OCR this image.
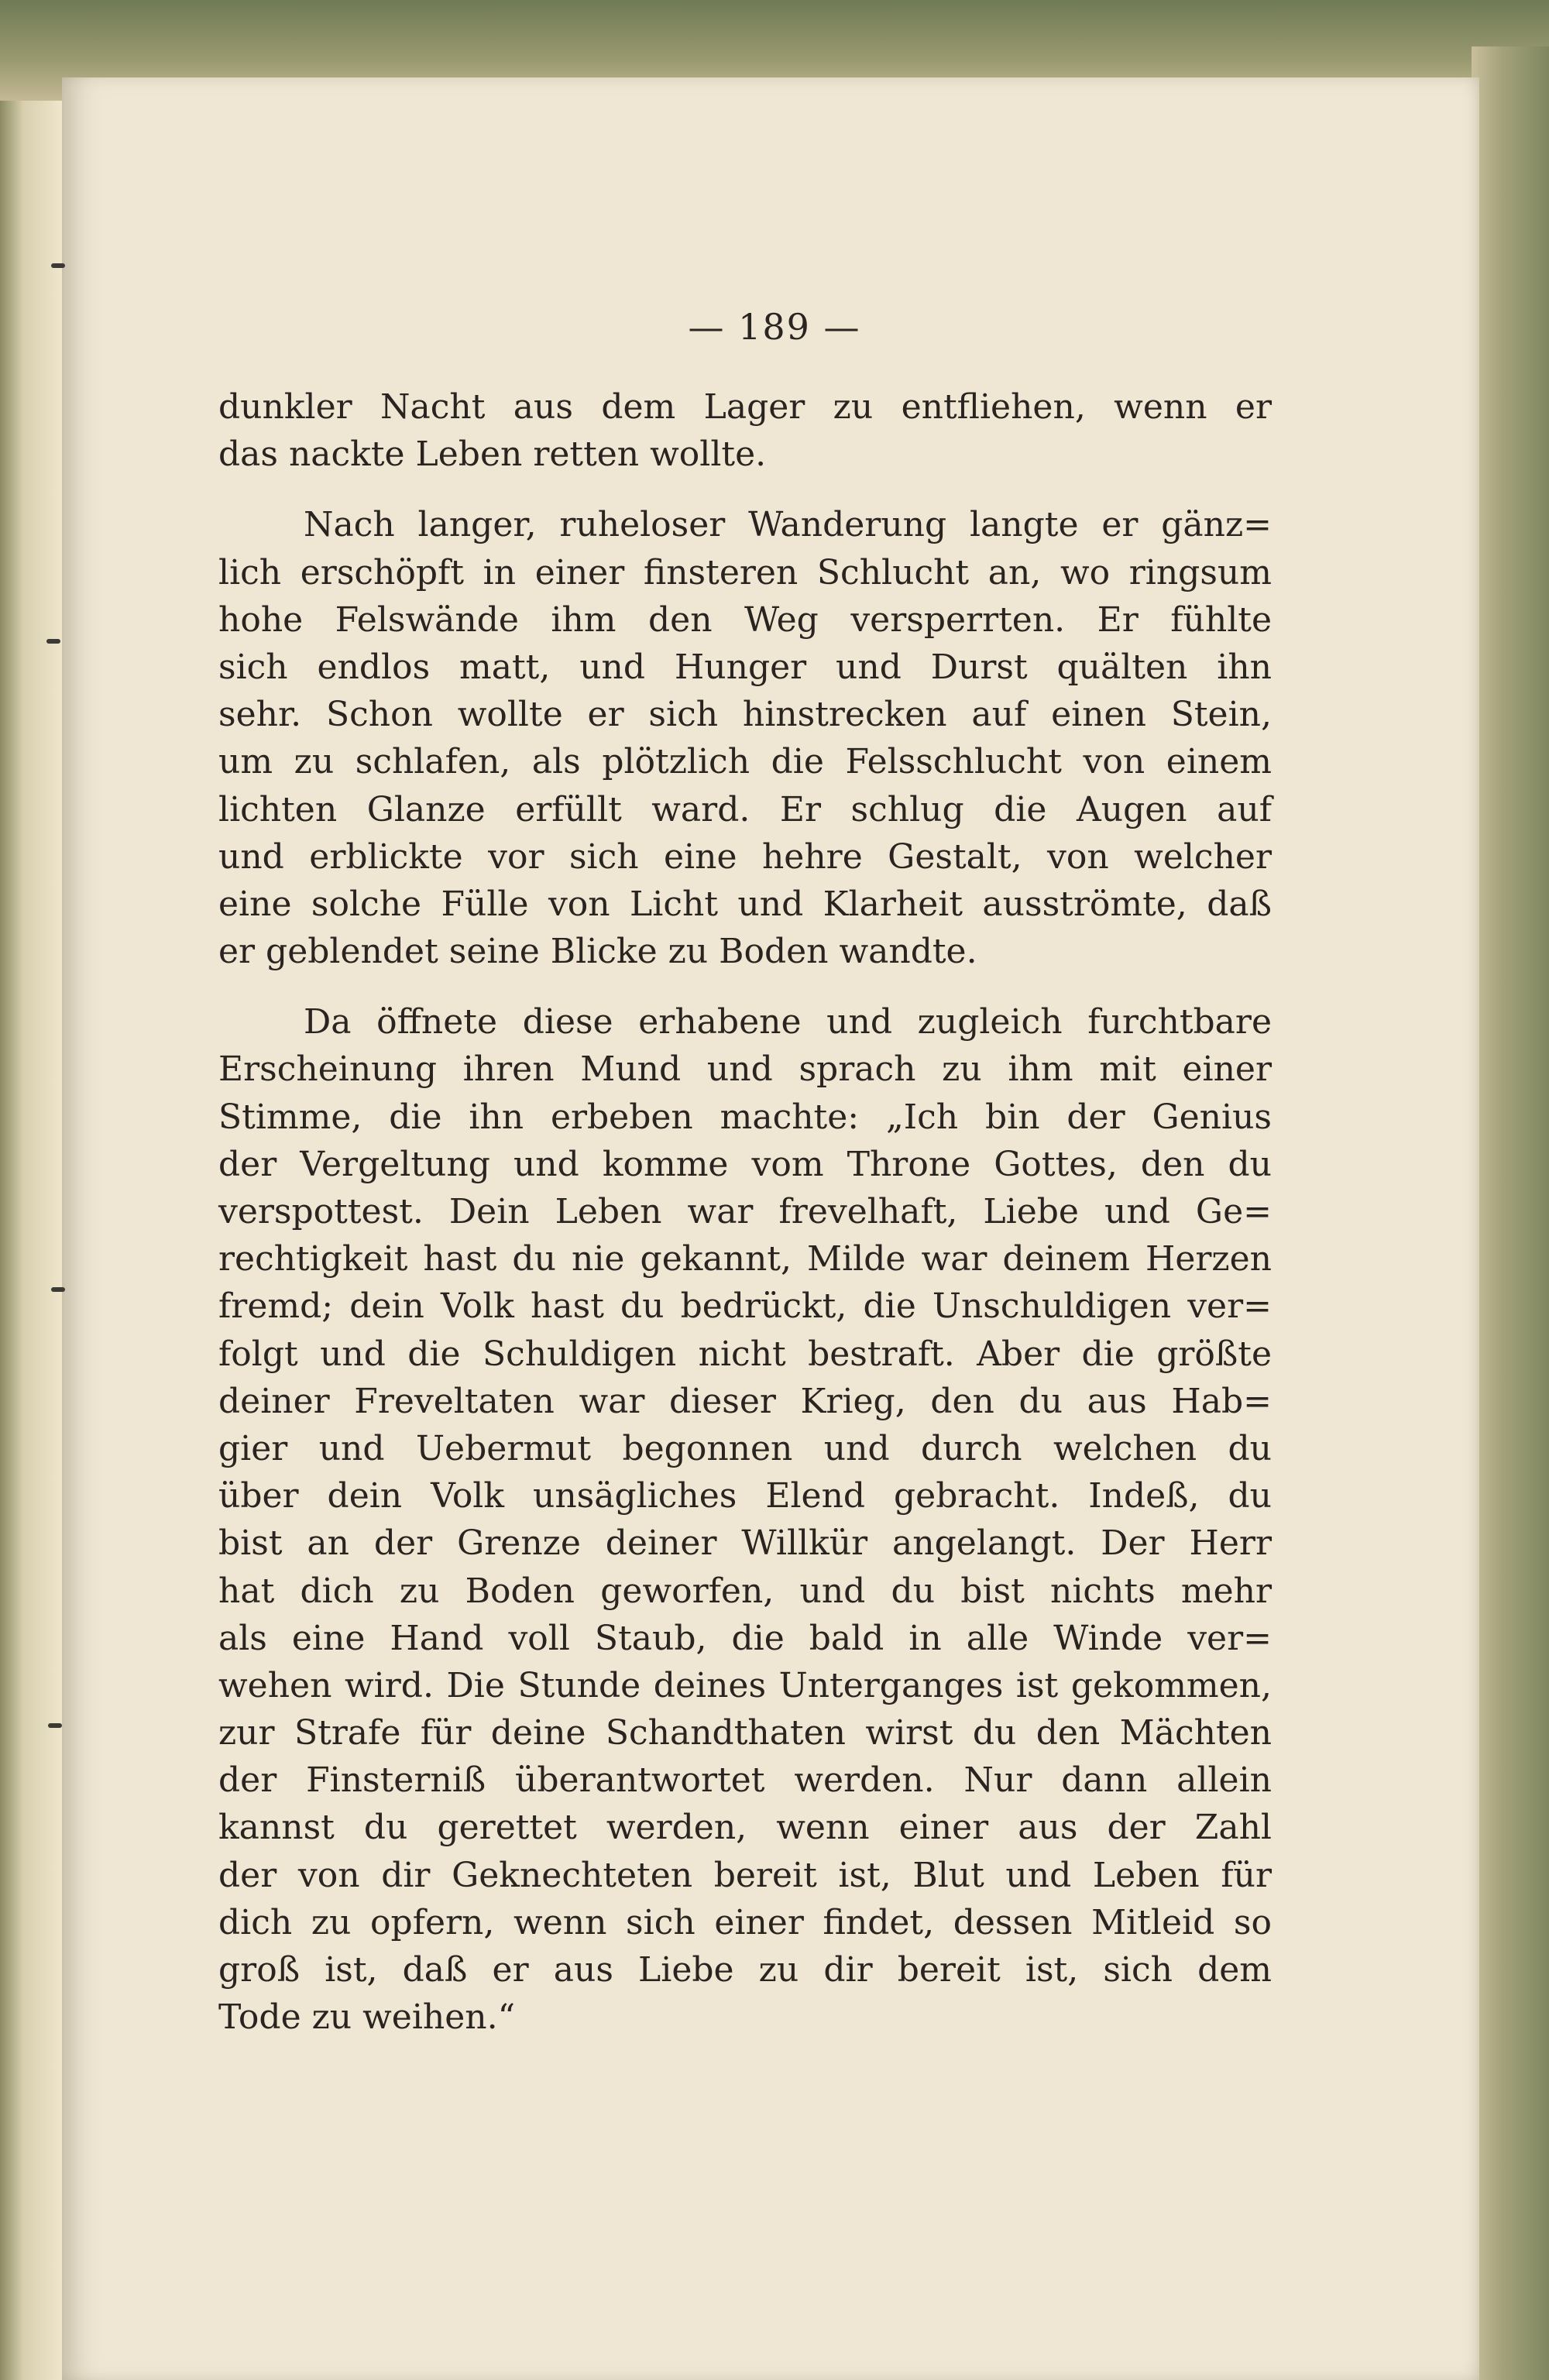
— 189 —
dunkler Nacht aus dem Lager zu entfliehen, wenn er
das nackte Leben retten wollte.
Nach langer, ruheloser Wanderung langte er gänz=
lich erschöpft in einer finsteren Schlucht an, wo ringsum
hohe Felswände ihm den Weg versperrten. Er fühlte
sich endlos matt, und Hunger und Durst quälten ihn
sehr. Schon wollte er sich hinstrecken auf einen Stein,
um zu schlafen, als plötzlich die Felsschlucht von einem
lichten Glanze erfüllt ward. Er schlug die Augen auf
und erblickte vor sich eine hehre Gestalt, von welcher
eine solche Fülle von Licht und Klarheit ausströmte, daß
er geblendet seine Blicke zu Boden wandte.
Da öffnete diese erhabene und zugleich furchtbare
Erscheinung ihren Mund und sprach zu ihm mit einer
Stimme, die ihn erbeben machte: „Ich bin der Genius
der Vergeltung und komme vom Throne Gottes, den du
verspottest. Dein Leben war frevelhaft, Liebe und Ge=
rechtigkeit hast du nie gekannt, Milde war deinem Herzen
fremd; dein Volk hast du bedrückt, die Unschuldigen ver=
folgt und die Schuldigen nicht bestraft. Aber die größte
deiner Freveltaten war dieser Krieg, den du aus Hab=
gier und Uebermut begonnen und durch welchen du
über dein Volk unsägliches Elend gebracht. Indeß, du
bist an der Grenze deiner Willkür angelangt. Der Herr
hat dich zu Boden geworfen, und du bist nichts mehr
als eine Hand voll Staub, die bald in alle Winde ver=
wehen wird. Die Stunde deines Unterganges ist gekommen,
zur Strafe für deine Schandthaten wirst du den Mächten
der Finsterniß überantwortet werden. Nur dann allein
kannst du gerettet werden, wenn einer aus der Zahl
der von dir Geknechteten bereit ist, Blut und Leben für
dich zu opfern, wenn sich einer findet, dessen Mitleid so
groß ist, daß er aus Liebe zu dir bereit ist, sich dem
Tode zu weihen.“
